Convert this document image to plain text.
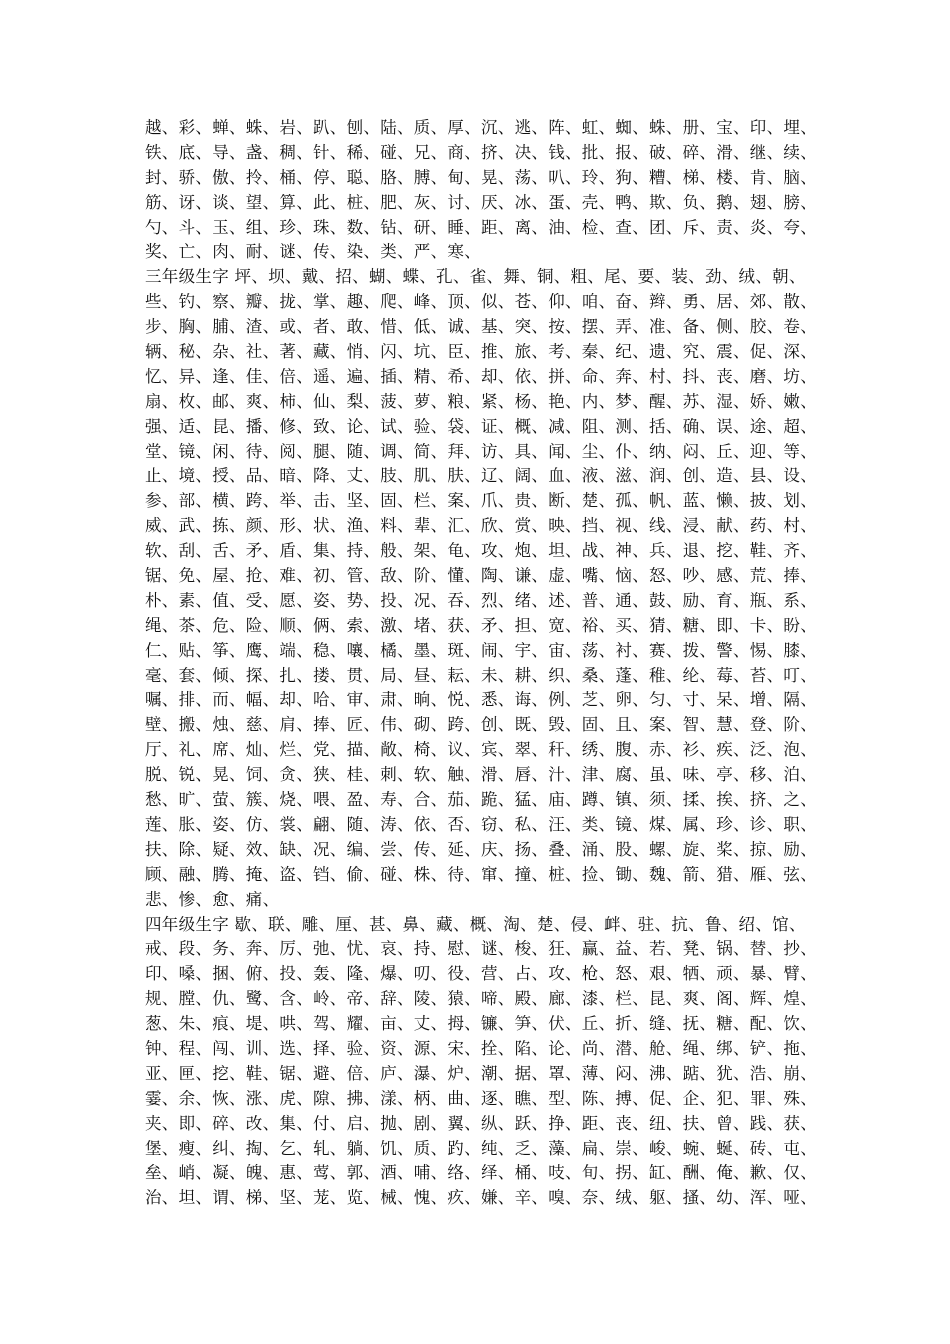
越、彩、蝉、蛛、岩、趴、刨、陆、质、厚、沉、逃、阵、虹、蜘、蛛、册、宝、印、埋、
铁、底、导、盏、稠、针、稀、碰、兄、商、挤、决、钱、批、报、破、碎、滑、继、续、
封、骄、傲、拎、桶、停、聪、胳、膊、甸、晃、荡、叭、玲、狗、糟、梯、楼、肯、脑、
筋、讶、谈、望、算、此、桩、肥、灰、讨、厌、冰、蛋、壳、鸭、欺、负、鹅、翅、膀、
勺、斗、玉、组、珍、珠、数、钻、研、睡、距、离、油、检、查、团、斥、责、炎、夸、
奖、亡、肉、耐、谜、传、染、类、严、寒、
三年级生字 坪、坝、戴、招、蝴、蝶、孔、雀、舞、铜、粗、尾、要、装、劲、绒、朝、
些、钓、察、瓣、拢、掌、趣、爬、峰、顶、似、苍、仰、咱、奋、辫、勇、居、郊、散、
步、胸、脯、渣、或、者、敢、惜、低、诚、基、突、按、摆、弄、准、备、侧、胶、卷、
辆、秘、杂、社、著、藏、悄、闪、坑、臣、推、旅、考、秦、纪、遗、究、震、促、深、
忆、异、逢、佳、倍、遥、遍、插、精、希、却、依、拼、命、奔、村、抖、丧、磨、坊、
扇、枚、邮、爽、柿、仙、梨、菠、萝、粮、紧、杨、艳、内、梦、醒、苏、湿、娇、嫩、
强、适、昆、播、修、致、论、试、验、袋、证、概、减、阻、测、括、确、误、途、超、
堂、镜、闲、待、阅、腿、随、调、简、拜、访、具、闻、尘、仆、纳、闷、丘、迎、等、
止、境、授、品、暗、降、丈、肢、肌、肤、辽、阔、血、液、滋、润、创、造、县、设、
参、部、横、跨、举、击、坚、固、栏、案、爪、贵、断、楚、孤、帆、蓝、懒、披、划、
威、武、拣、颜、形、状、渔、料、辈、汇、欣、赏、映、挡、视、线、浸、献、药、村、
软、刮、舌、矛、盾、集、持、般、架、龟、攻、炮、坦、战、神、兵、退、挖、鞋、齐、
锯、免、屋、抢、难、初、管、敌、阶、懂、陶、谦、虚、嘴、恼、怒、吵、感、荒、捧、
朴、素、值、受、愿、姿、势、投、况、吞、烈、绪、述、普、通、鼓、励、育、瓶、系、
绳、茶、危、险、顺、俩、索、激、堵、获、矛、担、宽、裕、买、猜、糖、即、卡、盼、
仁、贴、筝、鹰、端、稳、嚷、橘、墨、斑、闹、宇、宙、荡、衬、赛、拨、警、惕、膝、
毫、套、倾、探、扎、搂、贯、局、昼、耘、未、耕、织、桑、蓬、稚、纶、莓、苔、叮、
嘱、排、而、幅、却、哈、审、肃、晌、悦、悉、诲、例、芝、卵、匀、寸、呆、增、隔、
壁、搬、烛、慈、肩、捧、匠、伟、砌、跨、创、既、毁、固、且、案、智、慧、登、阶、
厅、礼、席、灿、烂、党、描、敞、椅、议、宾、翠、秆、绣、腹、赤、衫、疾、泛、泡、
脱、锐、晃、饲、贪、狭、桂、刺、软、触、滑、唇、汁、津、腐、虽、味、亭、移、泊、
愁、旷、萤、簇、烧、喂、盈、寿、合、茄、跪、猛、庙、蹲、镇、须、揉、挨、挤、之、
莲、胀、姿、仿、裳、翩、随、涛、依、否、窃、私、汪、类、镜、煤、属、珍、诊、职、
扶、除、疑、效、缺、况、编、尝、传、延、庆、扬、叠、涌、股、螺、旋、桨、掠、励、
顾、融、腾、掩、盗、铛、偷、碰、株、待、窜、撞、桩、捡、锄、魏、箭、猎、雁、弦、
悲、惨、愈、痛、
四年级生字 歇、联、雕、厘、甚、鼻、藏、概、淘、楚、侵、衅、驻、抗、鲁、绍、馆、
戒、段、务、奔、厉、弛、忧、哀、持、慰、谜、梭、狂、赢、益、若、凳、锅、替、抄、
印、嗓、捆、俯、投、轰、隆、爆、叨、役、营、占、攻、枪、怒、艰、牺、顽、暴、臂、
规、膛、仇、鹭、含、岭、帝、辞、陵、猿、啼、殿、廊、漆、栏、昆、爽、阁、辉、煌、
葱、朱、痕、堤、哄、驾、耀、亩、丈、拇、镰、笋、伏、丘、折、缝、抚、糖、配、饮、
钟、程、闯、训、选、择、验、资、源、宋、拴、陷、论、尚、潜、舱、绳、绑、铲、拖、
亚、匣、挖、鞋、锯、避、倍、庐、瀑、炉、潮、据、罩、薄、闷、沸、踮、犹、浩、崩、
霎、余、恢、涨、虎、隙、拂、漾、柄、曲、逐、瞧、型、陈、搏、促、企、犯、罪、殊、
夹、即、碎、改、集、付、启、抛、剧、翼、纵、跃、挣、距、丧、纽、扶、曾、践、获、
堡、瘦、纠、掏、乞、轧、躺、饥、质、趵、纯、乏、藻、扁、崇、峻、蜿、蜒、砖、屯、
垒、峭、凝、魄、惠、莺、郭、酒、哺、络、绎、桶、吱、旬、拐、缸、酬、俺、歉、仅、
治、坦、谓、梯、坚、茏、览、械、愧、疚、嫌、辛、嗅、奈、绒、躯、搔、幼、浑、哑、
